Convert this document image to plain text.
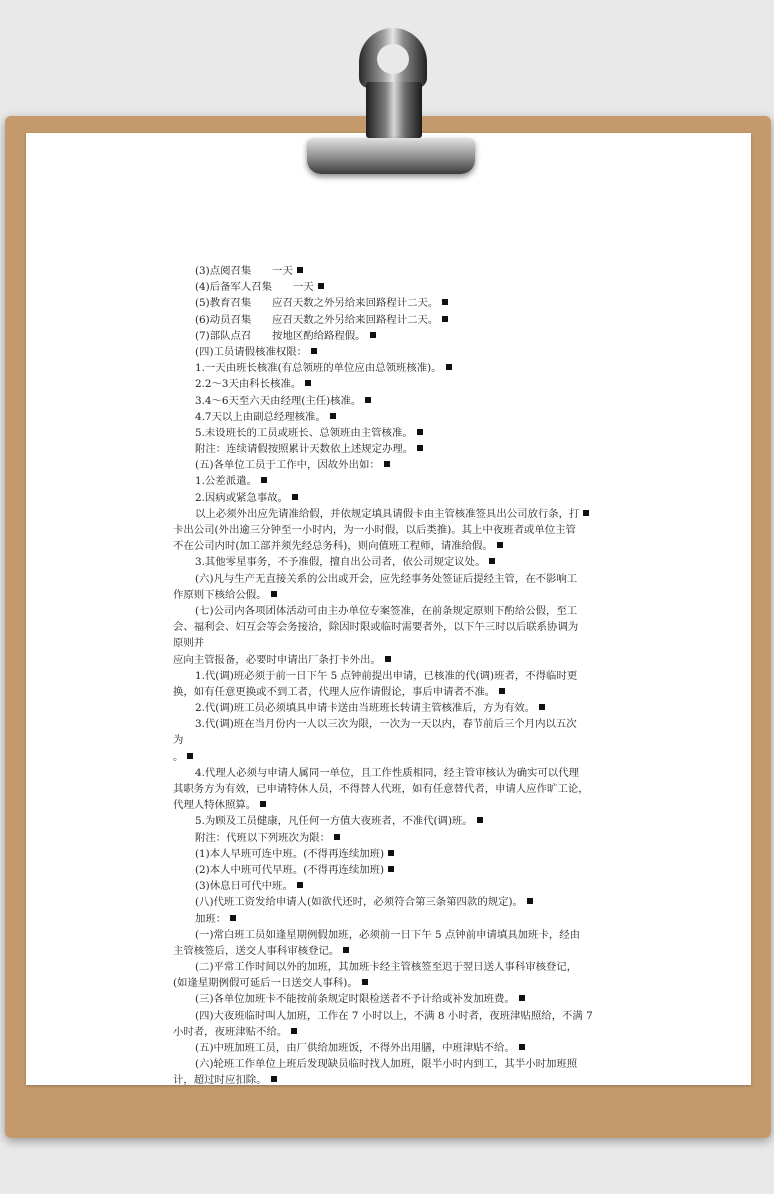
(3)点阅召集　　一天
(4)后备军人召集　　一天
(5)教育召集　　应召天数之外另给来回路程计二天。
(6)动员召集　　应召天数之外另给来回路程计二天。
(7)部队点召　　按地区酌给路程假。
(四)工员请假核准权限：
1.一天由班长核准(有总领班的单位应由总领班核准)。
2.2～3天由科长核准。
3.4～6天至六天由经理(主任)核准。
4.7天以上由副总经理核准。
5.未设班长的工员或班长、总领班由主管核准。
附注：连续请假按照累计天数依上述规定办理。
(五)各单位工员于工作中，因故外出如：
1.公差派遣。
2.因病或紧急事故。
以上必须外出应先请准给假，并依规定填具请假卡由主管核准签具出公司放行条，打
卡出公司(外出逾三分钟至一小时内，为一小时假，以后类推)。其上中夜班者或单位主管
不在公司内时(加工部并须先经总务科)，则向值班工程师，请准给假。
3.其他零星事务，不予准假，擅自出公司者，依公司规定议处。
(六)凡与生产无直接关系的公出或开会，应先经事务处签证后提经主管，在不影响工
作原则下核给公假。
(七)公司内各项团体活动可由主办单位专案签准，在前条规定原则下酌给公假，至工
会、福利会、妇互会等会务接洽，除因时限或临时需要者外，以下午三时以后联系协调为
原则并
应向主管报备，必要时申请出厂条打卡外出。
1.代(调)班必须于前一日下午 5 点钟前提出申请，已核准的代(调)班者，不得临时更
换，如有任意更换或不到工者，代理人应作请假论，事后申请者不准。
2.代(调)班工员必须填具申请卡送由当班班长转请主管核准后，方为有效。
3.代(调)班在当月份内一人以三次为限，一次为一天以内，春节前后三个月内以五次
为
。
4.代理人必须与申请人属同一单位，且工作性质相同，经主管审核认为确实可以代理
其职务方为有效，已申请特休人员，不得替人代班，如有任意替代者，申请人应作旷工论，
代理人特休照算。
5.为顾及工员健康，凡任何一方值大夜班者，不准代(调)班。
附注：代班以下列班次为限：
(1)本人早班可连中班。(不得再连续加班)
(2)本人中班可代早班。(不得再连续加班)
(3)休息日可代中班。
(八)代班工资发给申请人(如欲代还时，必须符合第三条第四款的规定)。
加班：
(一)常白班工员如逢星期例假加班，必须前一日下午 5 点钟前申请填具加班卡，经由
主管核签后，送交人事科审核登记。
(二)平常工作时间以外的加班，其加班卡经主管核签至迟于翌日送人事科审核登记，
(如逢星期例假可延后一日送交人事科)。
(三)各单位加班卡不能按前条规定时限检送者不予计给或补发加班费。
(四)大夜班临时叫人加班，工作在 7 小时以上，不满 8 小时者，夜班津贴照给，不满 7
小时者，夜班津贴不给。
(五)中班加班工员，由厂供给加班饭，不得外出用膳，中班津贴不给。
(六)轮班工作单位上班后发现缺员临时找人加班，限半小时内到工，其半小时加班照
计，超过时应扣除。
